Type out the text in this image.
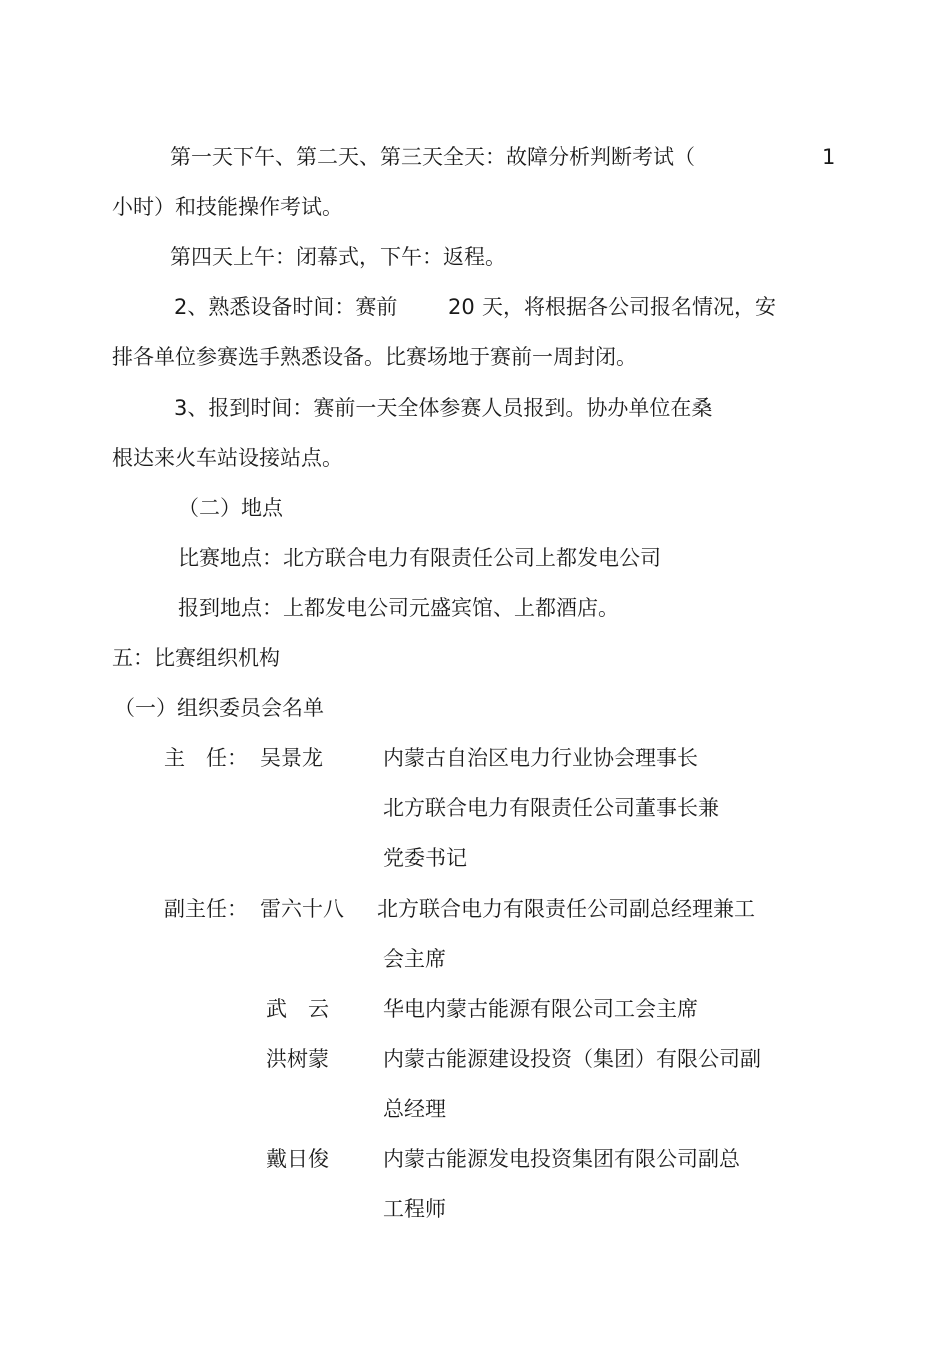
第一天下午、第二天、第三天全天：故障分析判断考试（	1
小时）和技能操作考试。
第四天上午：闭幕式，下午：返程。
2、熟悉设备时间：赛前 20 天，将根据各公司报名情况，安
排各单位参赛选手熟悉设备。比赛场地于赛前一周封闭。
3、报到时间：赛前一天全体参赛人员报到。协办单位在桑
根达来火车站设接站点。
（二）地点
比赛地点：北方联合电力有限责任公司上都发电公司
报到地点：上都发电公司元盛宾馆、上都酒店。
五：比赛组织机构
（一）组织委员会名单
主　任： 吴景龙	内蒙古自治区电力行业协会理事长
北方联合电力有限责任公司董事长兼
党委书记
副主任： 雷六十八 北方联合电力有限责任公司副总经理兼工
会主席
武　云	华电内蒙古能源有限公司工会主席
洪树蒙	内蒙古能源建设投资（集团）有限公司副
总经理
戴日俊	内蒙古能源发电投资集团有限公司副总
工程师
